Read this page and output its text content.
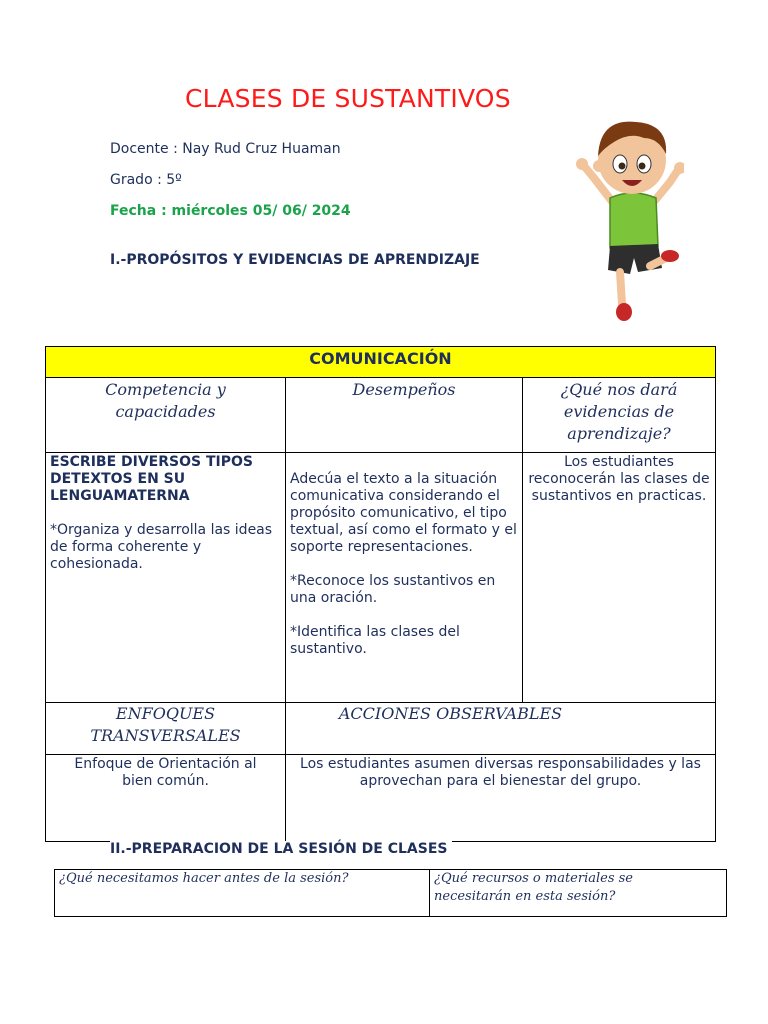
CLASES DE SUSTANTIVOS
Docente : Nay Rud Cruz Huaman
Grado : 5º
Fecha : miércoles 05/ 06/ 2024
I.-PROPÓSITOS Y EVIDENCIAS DE APRENDIZAJE
COMUNICACIÓN
Competencia y capacidades
Desempeños	¿Qué nos dará evidencias de aprendizaje?
ESCRIBE DIVERSOS TIPOS DETEXTOS EN SU LENGUAMATERNA
*Organiza y desarrolla las ideas de forma coherente y cohesionada.
Adecúa el texto a la situación comunicativa considerando el propósito comunicativo, el tipo textual, así como el formato y el soporte representaciones.
*Reconoce los sustantivos en una oración.
*Identifica las clases del sustantivo.
Los estudiantes reconocerán las clases de sustantivos en practicas.
ENFOQUES TRANSVERSALES
ACCIONES OBSERVABLES
Enfoque de Orientación al bien común.
Los estudiantes asumen diversas responsabilidades y las aprovechan para el bienestar del grupo.
II.-PREPARACION DE LA SESIÓN DE CLASES
¿Qué necesitamos hacer antes de la sesión?	¿Qué recursos o materiales se necesitarán en esta sesión?
